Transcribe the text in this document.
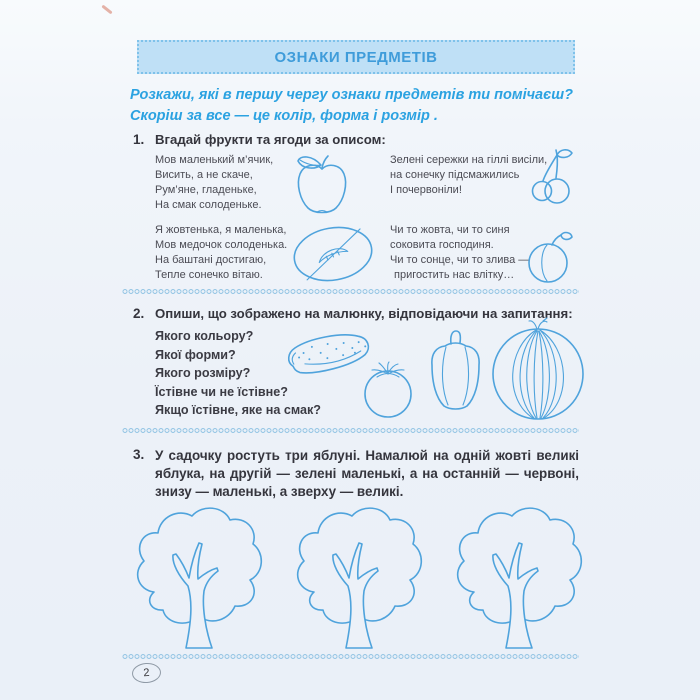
ОЗНАКИ ПРЕДМЕТІВ
Розкажи, які в першу чергу ознаки предметів ти помічаєш?
Скоріш за все — це колір, форма і розмір .
1. Вгадай фрукти та ягоди за описом:
Мов маленький м’ячик,
Висить, а не скаче,
Рум’яне, гладеньке,
На смак солоденьке.
Зелені сережки на гіллі висіли,
на сонечку підсмажились
І почервоніли!
Я жовтенька, я маленька,
Мов медочок солоденька.
На баштані достигаю,
Тепле сонечко вітаю.
Чи то жовта, чи то синя
соковита господиня.
Чи то сонце, чи то злива —
пригостить нас влітку…
2. Опиши, що зображено на малюнку, відповідаючи на запитання:
Якого кольору?
Якої форми?
Якого розміру?
Їстівне чи не їстівне?
Якщо їстівне, яке на смак?
3. У садочку ростуть три яблуні. Намалюй на одній жовті великі яблука, на другій — зелені маленькі, а на останній — червоні, знизу — маленькі, а зверху — великі.
2
